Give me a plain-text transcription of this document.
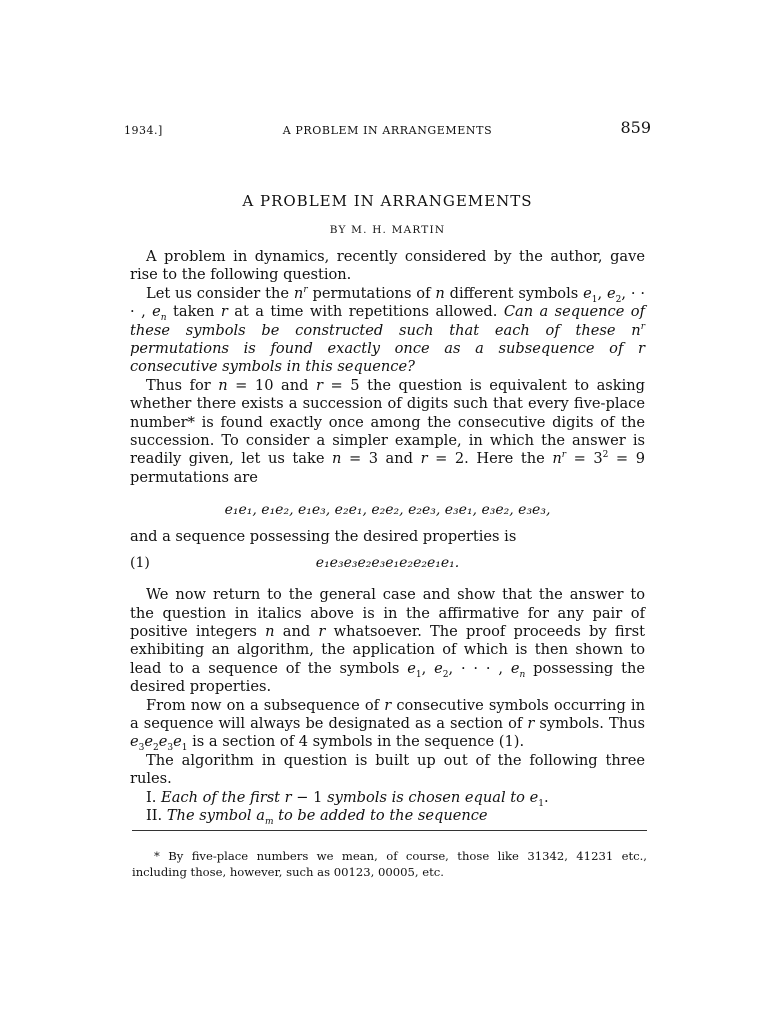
1934.]	A PROBLEM IN ARRANGEMENTS	859
A PROBLEM IN ARRANGEMENTS
BY M. H. MARTIN

A problem in dynamics, recently considered by the author, gave rise to the following question.

Let us consider the $n^r$ permutations of n different symbols $e_1$, $e_2$, · · · , $e_n$ taken r at a time with repetitions allowed. Can a sequence of these symbols be constructed such that each of these $n^r$ permutations is found exactly once as a subsequence of r consecutive symbols in this sequence?

Thus for n = 10 and r = 5 the question is equivalent to asking whether there exists a succession of digits such that every five-place number* is found exactly once among the consecutive digits of the succession. To consider a simpler example, in which the answer is readily given, let us take n = 3 and r = 2. Here the $n^r = 3^2 = 9$ permutations are

e₁e₁, e₁e₂, e₁e₃, e₂e₁, e₂e₂, e₂e₃, e₃e₁, e₃e₂, e₃e₃,

and a sequence possessing the desired properties is

(1)	e₁e₃e₃e₂e₃e₁e₂e₂e₁e₁.

We now return to the general case and show that the answer to the question in italics above is in the affirmative for any pair of positive integers n and r whatsoever. The proof proceeds by first exhibiting an algorithm, the application of which is then shown to lead to a sequence of the symbols $e_1$, $e_2$, · · · , $e_n$ possessing the desired properties.

From now on a subsequence of r consecutive symbols occurring in a sequence will always be designated as a section of r symbols. Thus $e_3e_2e_3e_1$ is a section of 4 symbols in the sequence (1).

The algorithm in question is built up out of the following three rules.

I. Each of the first r − 1 symbols is chosen equal to $e_1$.

II. The symbol $a_m$ to be added to the sequence

* By five-place numbers we mean, of course, those like 31342, 41231 etc., including those, however, such as 00123, 00005, etc.
